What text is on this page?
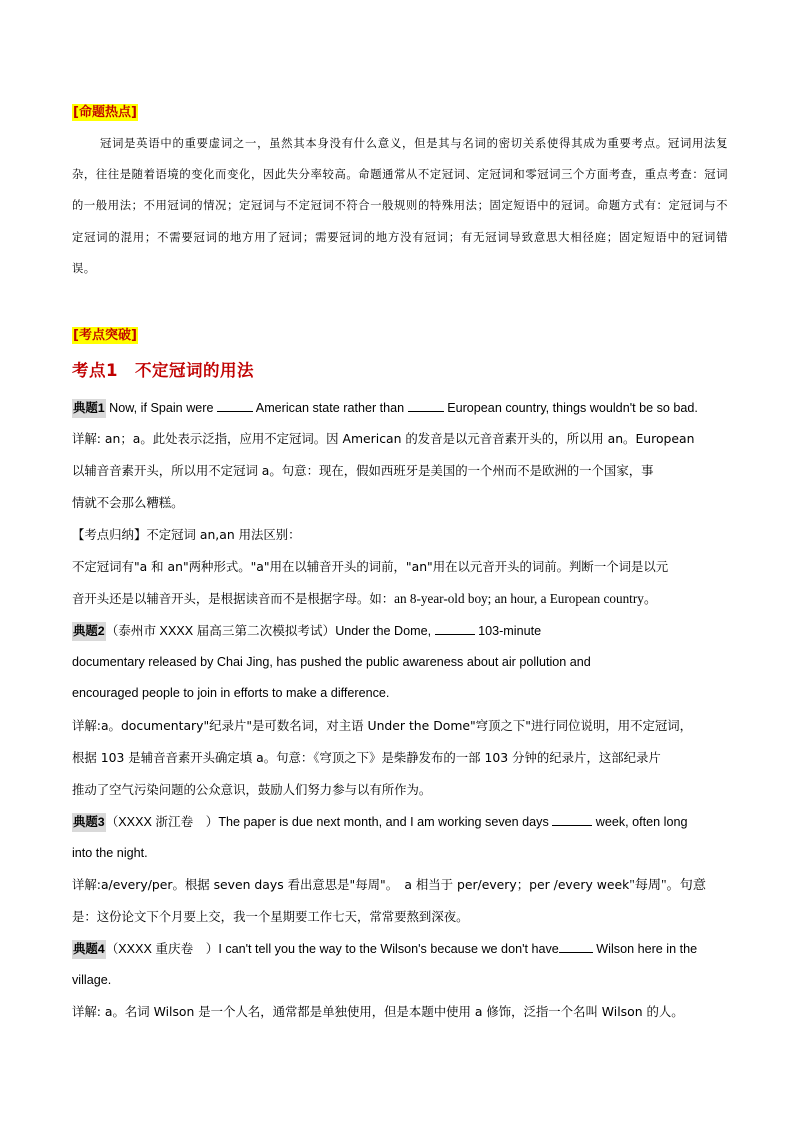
[命题热点]

冠词是英语中的重要虚词之一，虽然其本身没有什么意义，但是其与名词的密切关系使得其成为重要考点。冠词用法复杂，往往是随着语境的变化而变化，因此失分率较高。命题通常从不定冠词、定冠词和零冠词三个方面考查，重点考查：冠词的一般用法；不用冠词的情况；定冠词与不定冠词不符合一般规则的特殊用法；固定短语中的冠词。命题方式有：定冠词与不定冠词的混用；不需要冠词的地方用了冠词；需要冠词的地方没有冠词；有无冠词导致意思大相径庭；固定短语中的冠词错误。

[考点突破]
考点1　不定冠词的用法
典题1 Now, if Spain were	American state rather than	European country, things wouldn't be so bad.
详解: an；a。此处表示泛指，应用不定冠词。因 American 的发音是以元音音素开头的，所以用 an。European
以辅音音素开头，所以用不定冠词 a。句意：现在，假如西班牙是美国的一个州而不是欧洲的一个国家，事
情就不会那么糟糕。
【考点归纳】不定冠词 an,an 用法区别：
不定冠词有"a 和 an"两种形式。"a"用在以辅音开头的词前，"an"用在以元音开头的词前。判断一个词是以元
音开头还是以辅音开头，是根据读音而不是根据字母。如：an 8-year-old boy; an hour, a European country。
典题2（泰州市 XXXX 届高三第二次模拟考试）Under the Dome,	103-minute
documentary released by Chai Jing, has pushed the public awareness about air pollution and
encouraged people to join in efforts to make a difference.
详解:a。documentary"纪录片"是可数名词，对主语 Under the Dome"穹顶之下"进行同位说明，用不定冠词，
根据 103 是辅音音素开头确定填 a。句意：《穹顶之下》是柴静发布的一部 103 分钟的纪录片，这部纪录片
推动了空气污染问题的公众意识，鼓励人们努力参与以有所作为。
典题3（XXXX 浙江卷　）The paper is due next month, and I am working seven days	week, often long
into the night.
详解:a/every/per。根据 seven days 看出意思是"每周"。　a 相当于 per/every；per /every week"每周"。句意
是：这份论文下个月要上交，我一个星期要工作七天，常常要熬到深夜。
典题4（XXXX 重庆卷　）I can't tell you the way to the Wilson's because we don't have	Wilson here in the
village.
详解: a。名词 Wilson 是一个人名，通常都是单独使用，但是本题中使用 a 修饰，泛指一个名叫 Wilson 的人。
